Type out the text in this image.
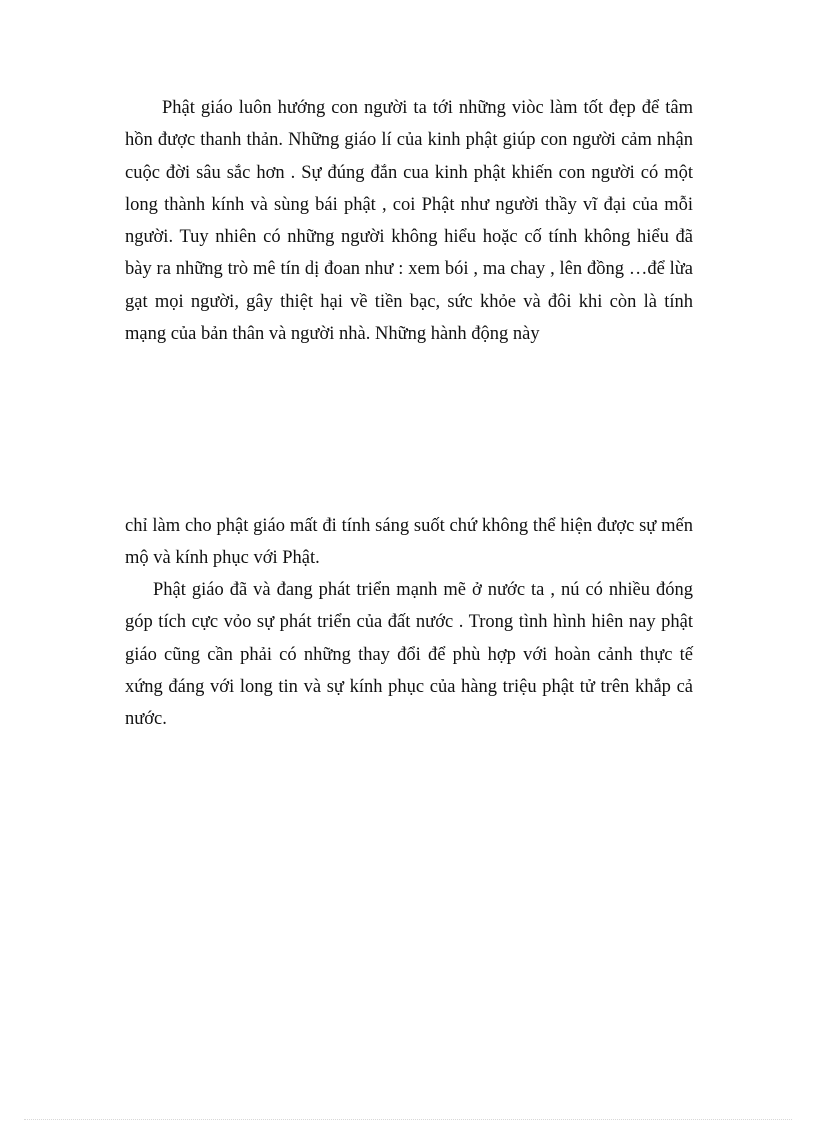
Phật giáo luôn hướng con người ta tới những viòc làm tốt đẹp để tâm hồn được thanh thản. Những giáo lí của kinh phật giúp con người cảm nhận cuộc đời sâu sắc hơn . Sự đúng đắn cua kinh phật khiến con người có một long thành kính và sùng bái phật , coi Phật như người thầy vĩ đại của mỗi người. Tuy nhiên có những người không hiểu hoặc cố tính không hiểu đã bày ra những trò mê tín dị đoan như : xem bói , ma chay , lên đồng …để lừa gạt mọi người, gây thiệt hại về tiền bạc, sức khỏe và đôi khi còn là tính mạng của bản thân và người nhà. Những hành động này

chỉ làm cho phật giáo mất đi tính sáng suốt chứ không thể hiện được sự mến mộ và kính phục với Phật.

Phật giáo đã và đang phát triển mạnh mẽ ở nước ta , nú có nhiều đóng góp tích cực vỏo sự phát triển của đất nước . Trong tình hình hiên nay phật giáo cũng cần phải có những thay đổi để phù hợp với hoàn cảnh thực tế xứng đáng với long tin và sự kính phục của hàng triệu phật tử trên khắp cả nước.
